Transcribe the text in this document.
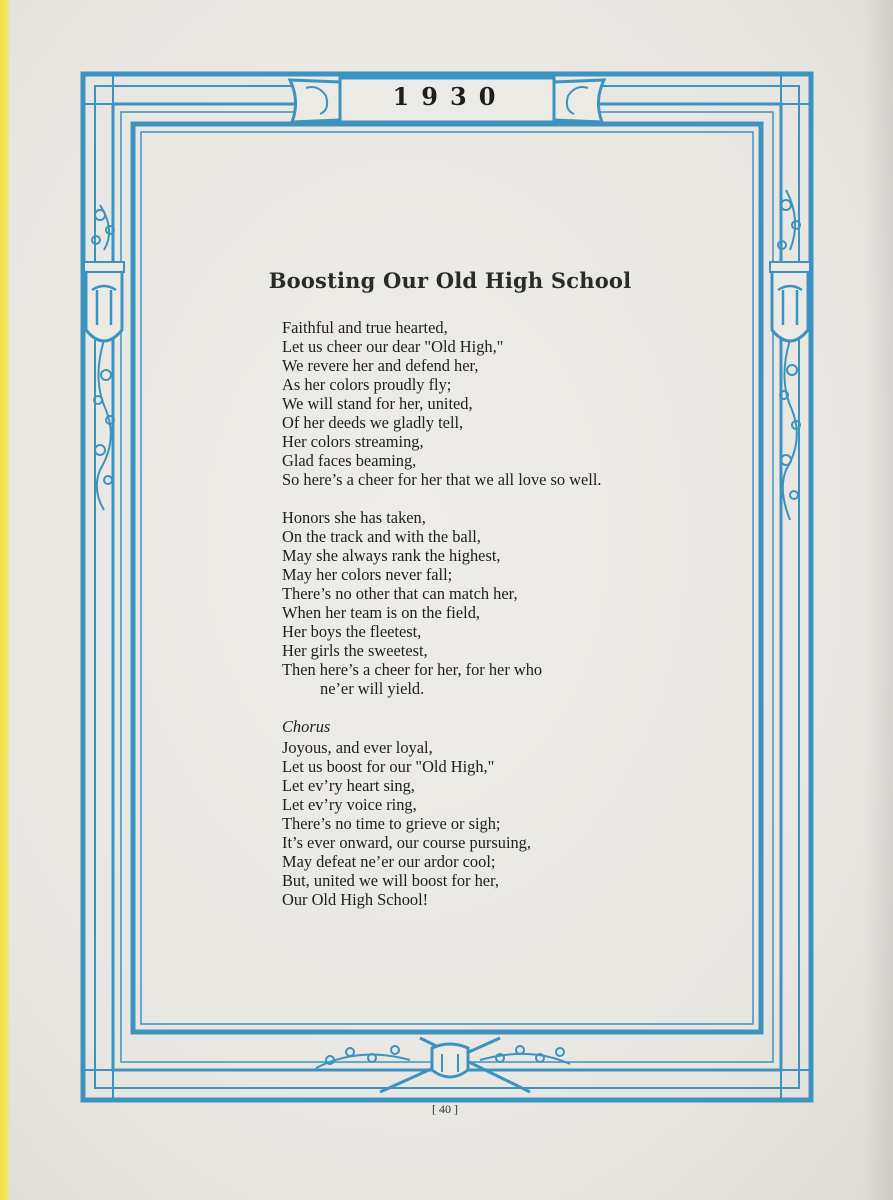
1930
Boosting Our Old High School
Faithful and true hearted,
Let us cheer our dear "Old High,"
We revere her and defend her,
As her colors proudly fly;
We will stand for her, united,
Of her deeds we gladly tell,
Her colors streaming,
Glad faces beaming,
So here’s a cheer for her that we all love so well.
Honors she has taken,
On the track and with the ball,
May she always rank the highest,
May her colors never fall;
There’s no other that can match her,
When her team is on the field,
Her boys the fleetest,
Her girls the sweetest,
Then here’s a cheer for her, for her who
ne’er will yield.
Chorus
Joyous, and ever loyal,
Let us boost for our "Old High,"
Let ev’ry heart sing,
Let ev’ry voice ring,
There’s no time to grieve or sigh;
It’s ever onward, our course pursuing,
May defeat ne’er our ardor cool;
But, united we will boost for her,
Our Old High School!
[ 40 ]
